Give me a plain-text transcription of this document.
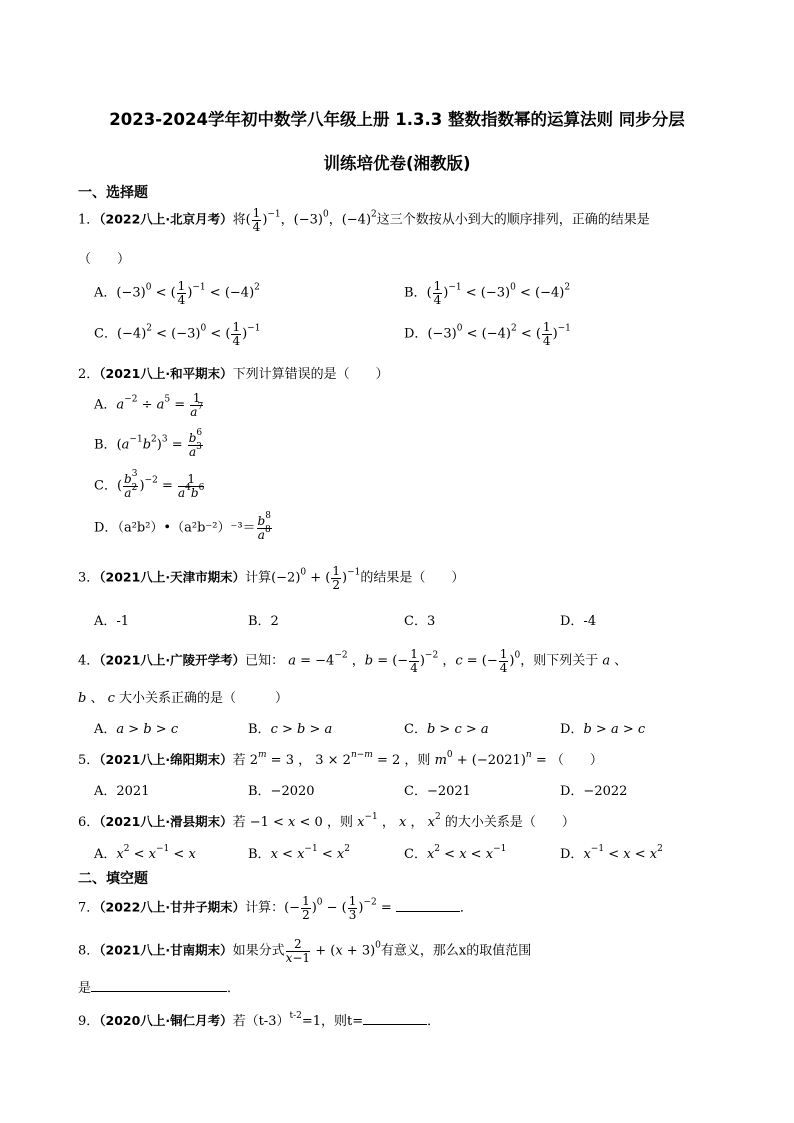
2023-2024学年初中数学八年级上册 1.3.3 整数指数幂的运算法则 同步分层
训练培优卷(湘教版)
一、选择题
1．（2022八上·北京月考）将( $\frac{1}{4} )^{-1}$，$(-3)^0$，$(-4)^2$这三个数按从小到大的顺序排列，正确的结果是
（　　）
A．$(-3)^0$ < ( $\frac{1}{4} )^{-1} < (-4)^2$	B．( $\frac{1}{4} )^{-1} < (-3)^0 < (-4)^2$
C．$(-4)^2 < (-3)^0$ < ( $\frac{1}{4} )^{-1}$	D．$(-3)^0 < (-4)^2$ < ( $\frac{1}{4} )^{-1}$
2．（2021八上·和平期末）下列计算错误的是（　　）
A．$a^{-2} \div a^5 = \frac{1}{a^7}$
B．$(a^{-1}b^2)^3 = \frac{b^6}{a^3}$
C．( $\frac{b^3}{a^2} )^{-2} = \frac{1}{a^4b^6}$
D．（a²b²）•（a²b⁻²）⁻³＝ $\frac{b^8}{a^8}$
3．（2021八上·天津市期末）计算$(-2)^0$ + ( $\frac{1}{2} )^{-1}$的结果是（　　）
A．-1	B．2	C．3	D．-4
4．（2021八上·广陵开学考）已知： $a = -4^{-2}$ ，b = (− $\frac{1}{4} )^{-2}$ ，c = (− $\frac{1}{4} )^0$，则下列关于 a 、
b 、 c 大小关系正确的是（　　　）
A．a > b > c	B．c > b > a	C．b > c > a	D．b > a > c
5．（2021八上·绵阳期末）若 $2^m = 3$ ， $3 \times 2^{n-m} = 2$ ，则 $m^0 + (-2021)^n$ = （　　）
A．2021	B．−2020	C．−2021	D．−2022
6．（2021八上·滑县期末）若 −1 < x < 0 ，则 $x^{-1}$ ， x ， $x^2$ 的大小关系是（　　）
A．$x^2 < x^{-1} < x$	B．$x < x^{-1} < x^2$	C．$x^2 < x < x^{-1}$	D．$x^{-1} < x < x^2$
二、填空题
7．（2022八上·甘井子期末）计算：(− $\frac{1}{2} )^0$ − ( $\frac{1}{3} )^{-2}$ =	．
8．（2021八上·甘南期末）如果分式 $\frac{2}{x-1} + (x + 3)^0$有意义，那么x的取值范围
是	．
9．（2020八上·铜仁月考）若$(t-3)^{t-2}=1$，则t=	．
